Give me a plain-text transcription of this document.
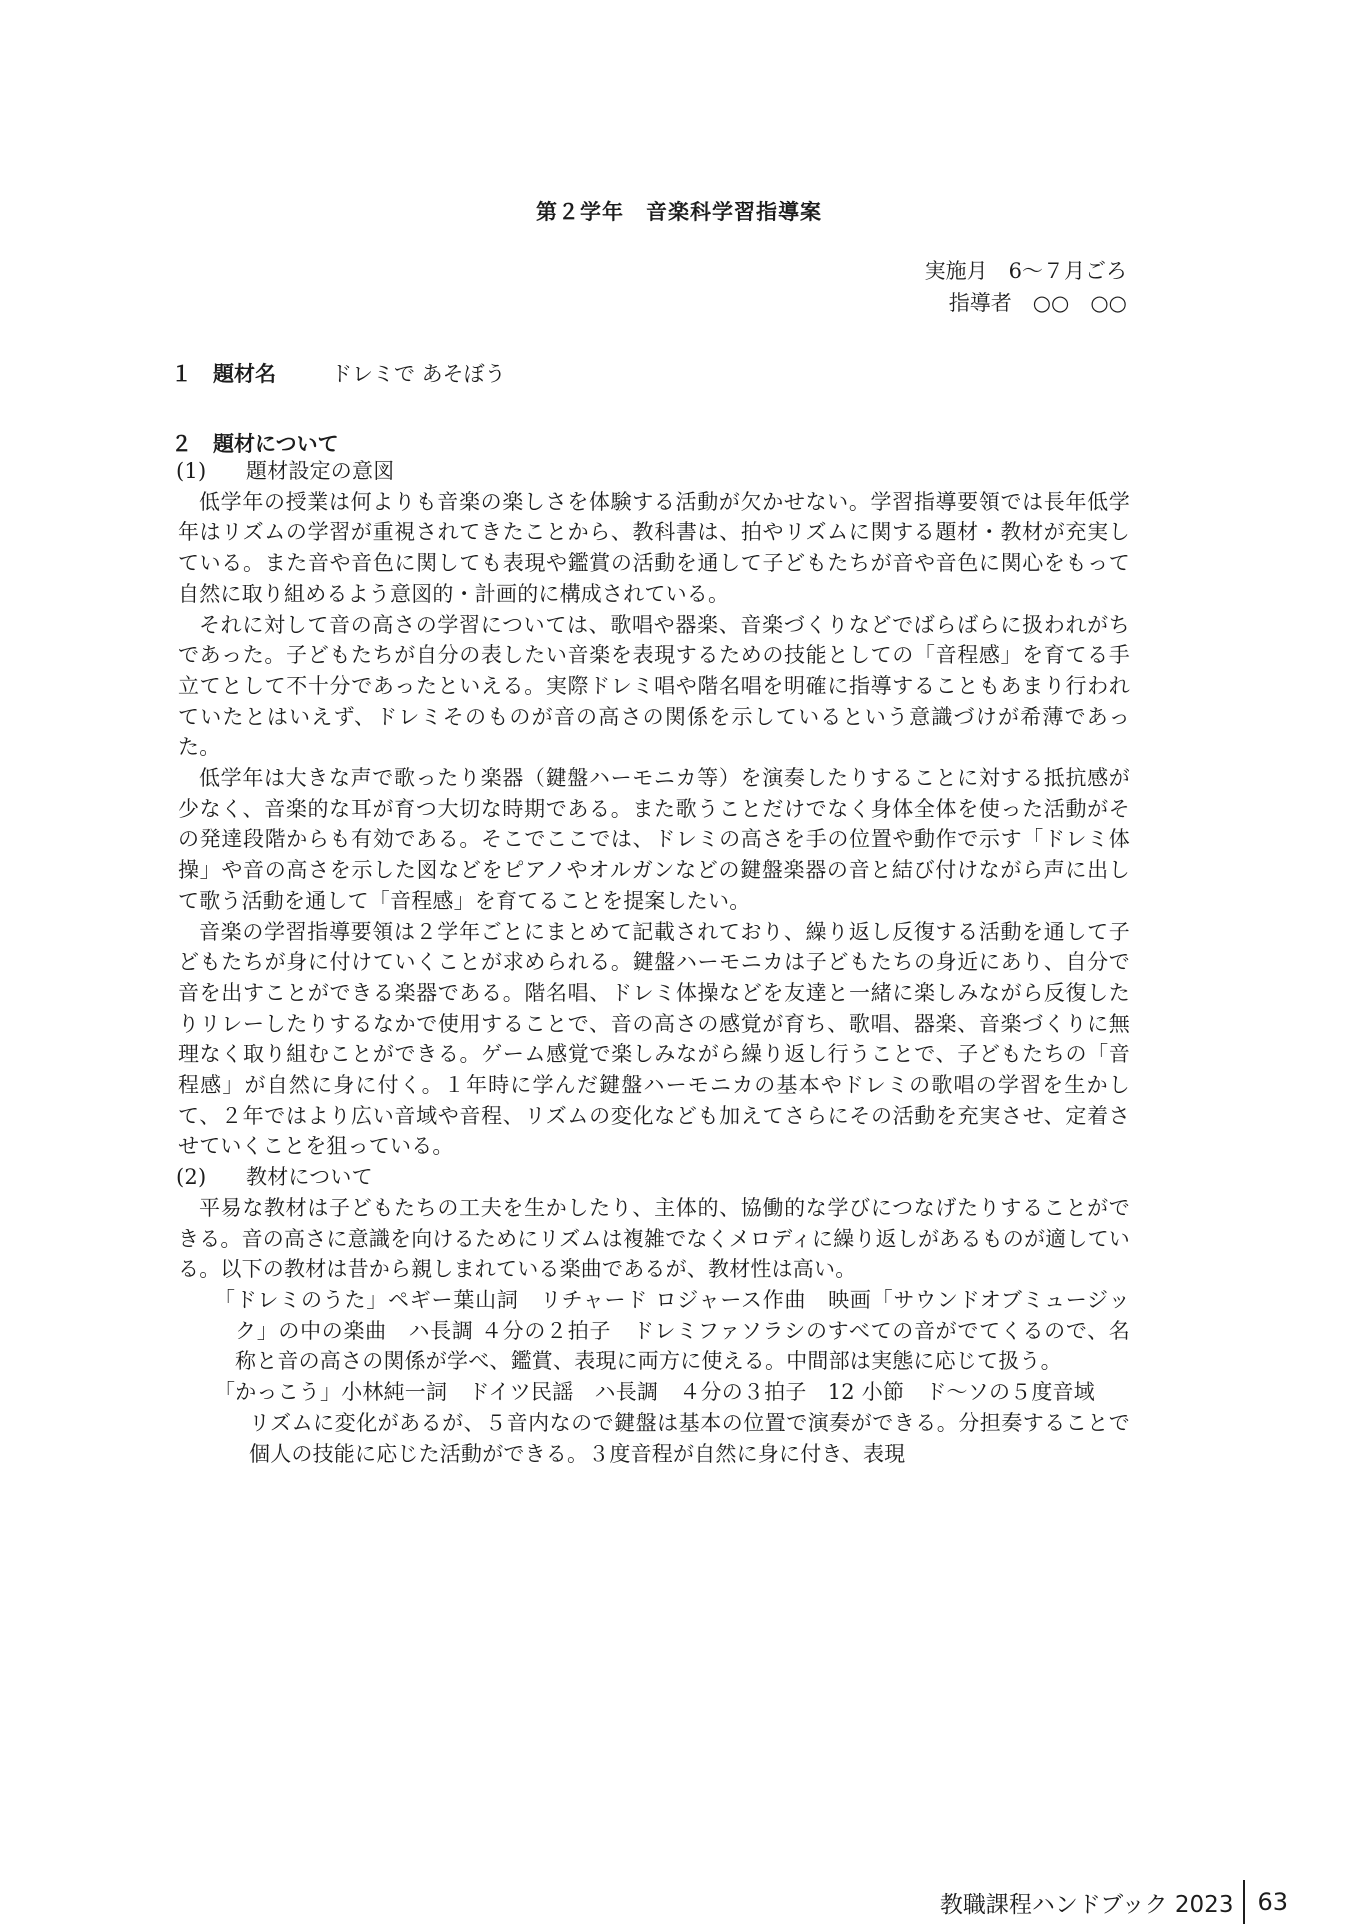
第２学年　音楽科学習指導案
実施月　6～７月ごろ
指導者　○○　○○
１　題材名	ドレミで あそぼう
２　題材について
(1) 題材設定の意図

低学年の授業は何よりも音楽の楽しさを体験する活動が欠かせない。学習指導要領では長年低学年はリズムの学習が重視されてきたことから、教科書は、拍やリズムに関する題材・教材が充実している。また音や音色に関しても表現や鑑賞の活動を通して子どもたちが音や音色に関心をもって自然に取り組めるよう意図的・計画的に構成されている。

それに対して音の高さの学習については、歌唱や器楽、音楽づくりなどでばらばらに扱われがちであった。子どもたちが自分の表したい音楽を表現するための技能としての「音程感」を育てる手立てとして不十分であったといえる。実際ドレミ唱や階名唱を明確に指導することもあまり行われていたとはいえず、ドレミそのものが音の高さの関係を示しているという意識づけが希薄であった。

低学年は大きな声で歌ったり楽器（鍵盤ハーモニカ等）を演奏したりすることに対する抵抗感が少なく、音楽的な耳が育つ大切な時期である。また歌うことだけでなく身体全体を使った活動がその発達段階からも有効である。そこでここでは、ドレミの高さを手の位置や動作で示す「ドレミ体操」や音の高さを示した図などをピアノやオルガンなどの鍵盤楽器の音と結び付けながら声に出して歌う活動を通して「音程感」を育てることを提案したい。

音楽の学習指導要領は２学年ごとにまとめて記載されており、繰り返し反復する活動を通して子どもたちが身に付けていくことが求められる。鍵盤ハーモニカは子どもたちの身近にあり、自分で音を出すことができる楽器である。階名唱、ドレミ体操などを友達と一緒に楽しみながら反復したりリレーしたりするなかで使用することで、音の高さの感覚が育ち、歌唱、器楽、音楽づくりに無理なく取り組むことができる。ゲーム感覚で楽しみながら繰り返し行うことで、子どもたちの「音程感」が自然に身に付く。１年時に学んだ鍵盤ハーモニカの基本やドレミの歌唱の学習を生かして、２年ではより広い音域や音程、リズムの変化なども加えてさらにその活動を充実させ、定着させていくことを狙っている。

(2) 教材について

平易な教材は子どもたちの工夫を生かしたり、主体的、協働的な学びにつなげたりすることができる。音の高さに意識を向けるためにリズムは複雑でなくメロディに繰り返しがあるものが適している。以下の教材は昔から親しまれている楽曲であるが、教材性は高い。

「ドレミのうた」ペギー葉山詞　リチャード ロジャース作曲　映画「サウンドオブミュージック」の中の楽曲　ハ長調 ４分の２拍子　ドレミファソラシのすべての音がでてくるので、名称と音の高さの関係が学べ、鑑賞、表現に両方に使える。中間部は実態に応じて扱う。
「かっこう」小林純一詞　ドイツ民謡　ハ長調　４分の３拍子　12 小節　ド～ソの５度音域
リズムに変化があるが、５音内なので鍵盤は基本の位置で演奏ができる。分担奏することで個人の技能に応じた活動ができる。３度音程が自然に身に付き、表現
教職課程ハンドブック 2023 63
